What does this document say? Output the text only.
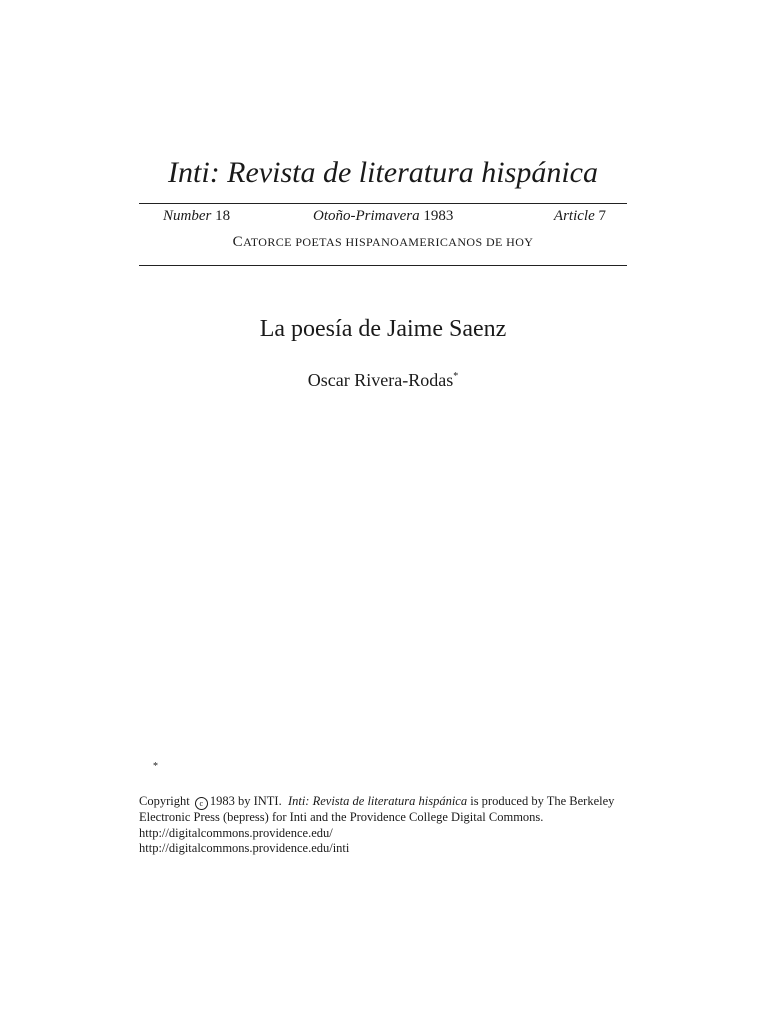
Inti: Revista de literatura hispánica
Number 18	Otoño-Primavera 1983	Article 7
CATORCE POETAS HISPANOAMERICANOS DE HOY
La poesía de Jaime Saenz
Oscar Rivera-Rodas*
*

Copyright c 1983 by INTI. Inti: Revista de literatura hispánica is produced by The Berkeley

Electronic Press (bepress) for Inti and the Providence College Digital Commons.

http://digitalcommons.providence.edu/

http://digitalcommons.providence.edu/inti
